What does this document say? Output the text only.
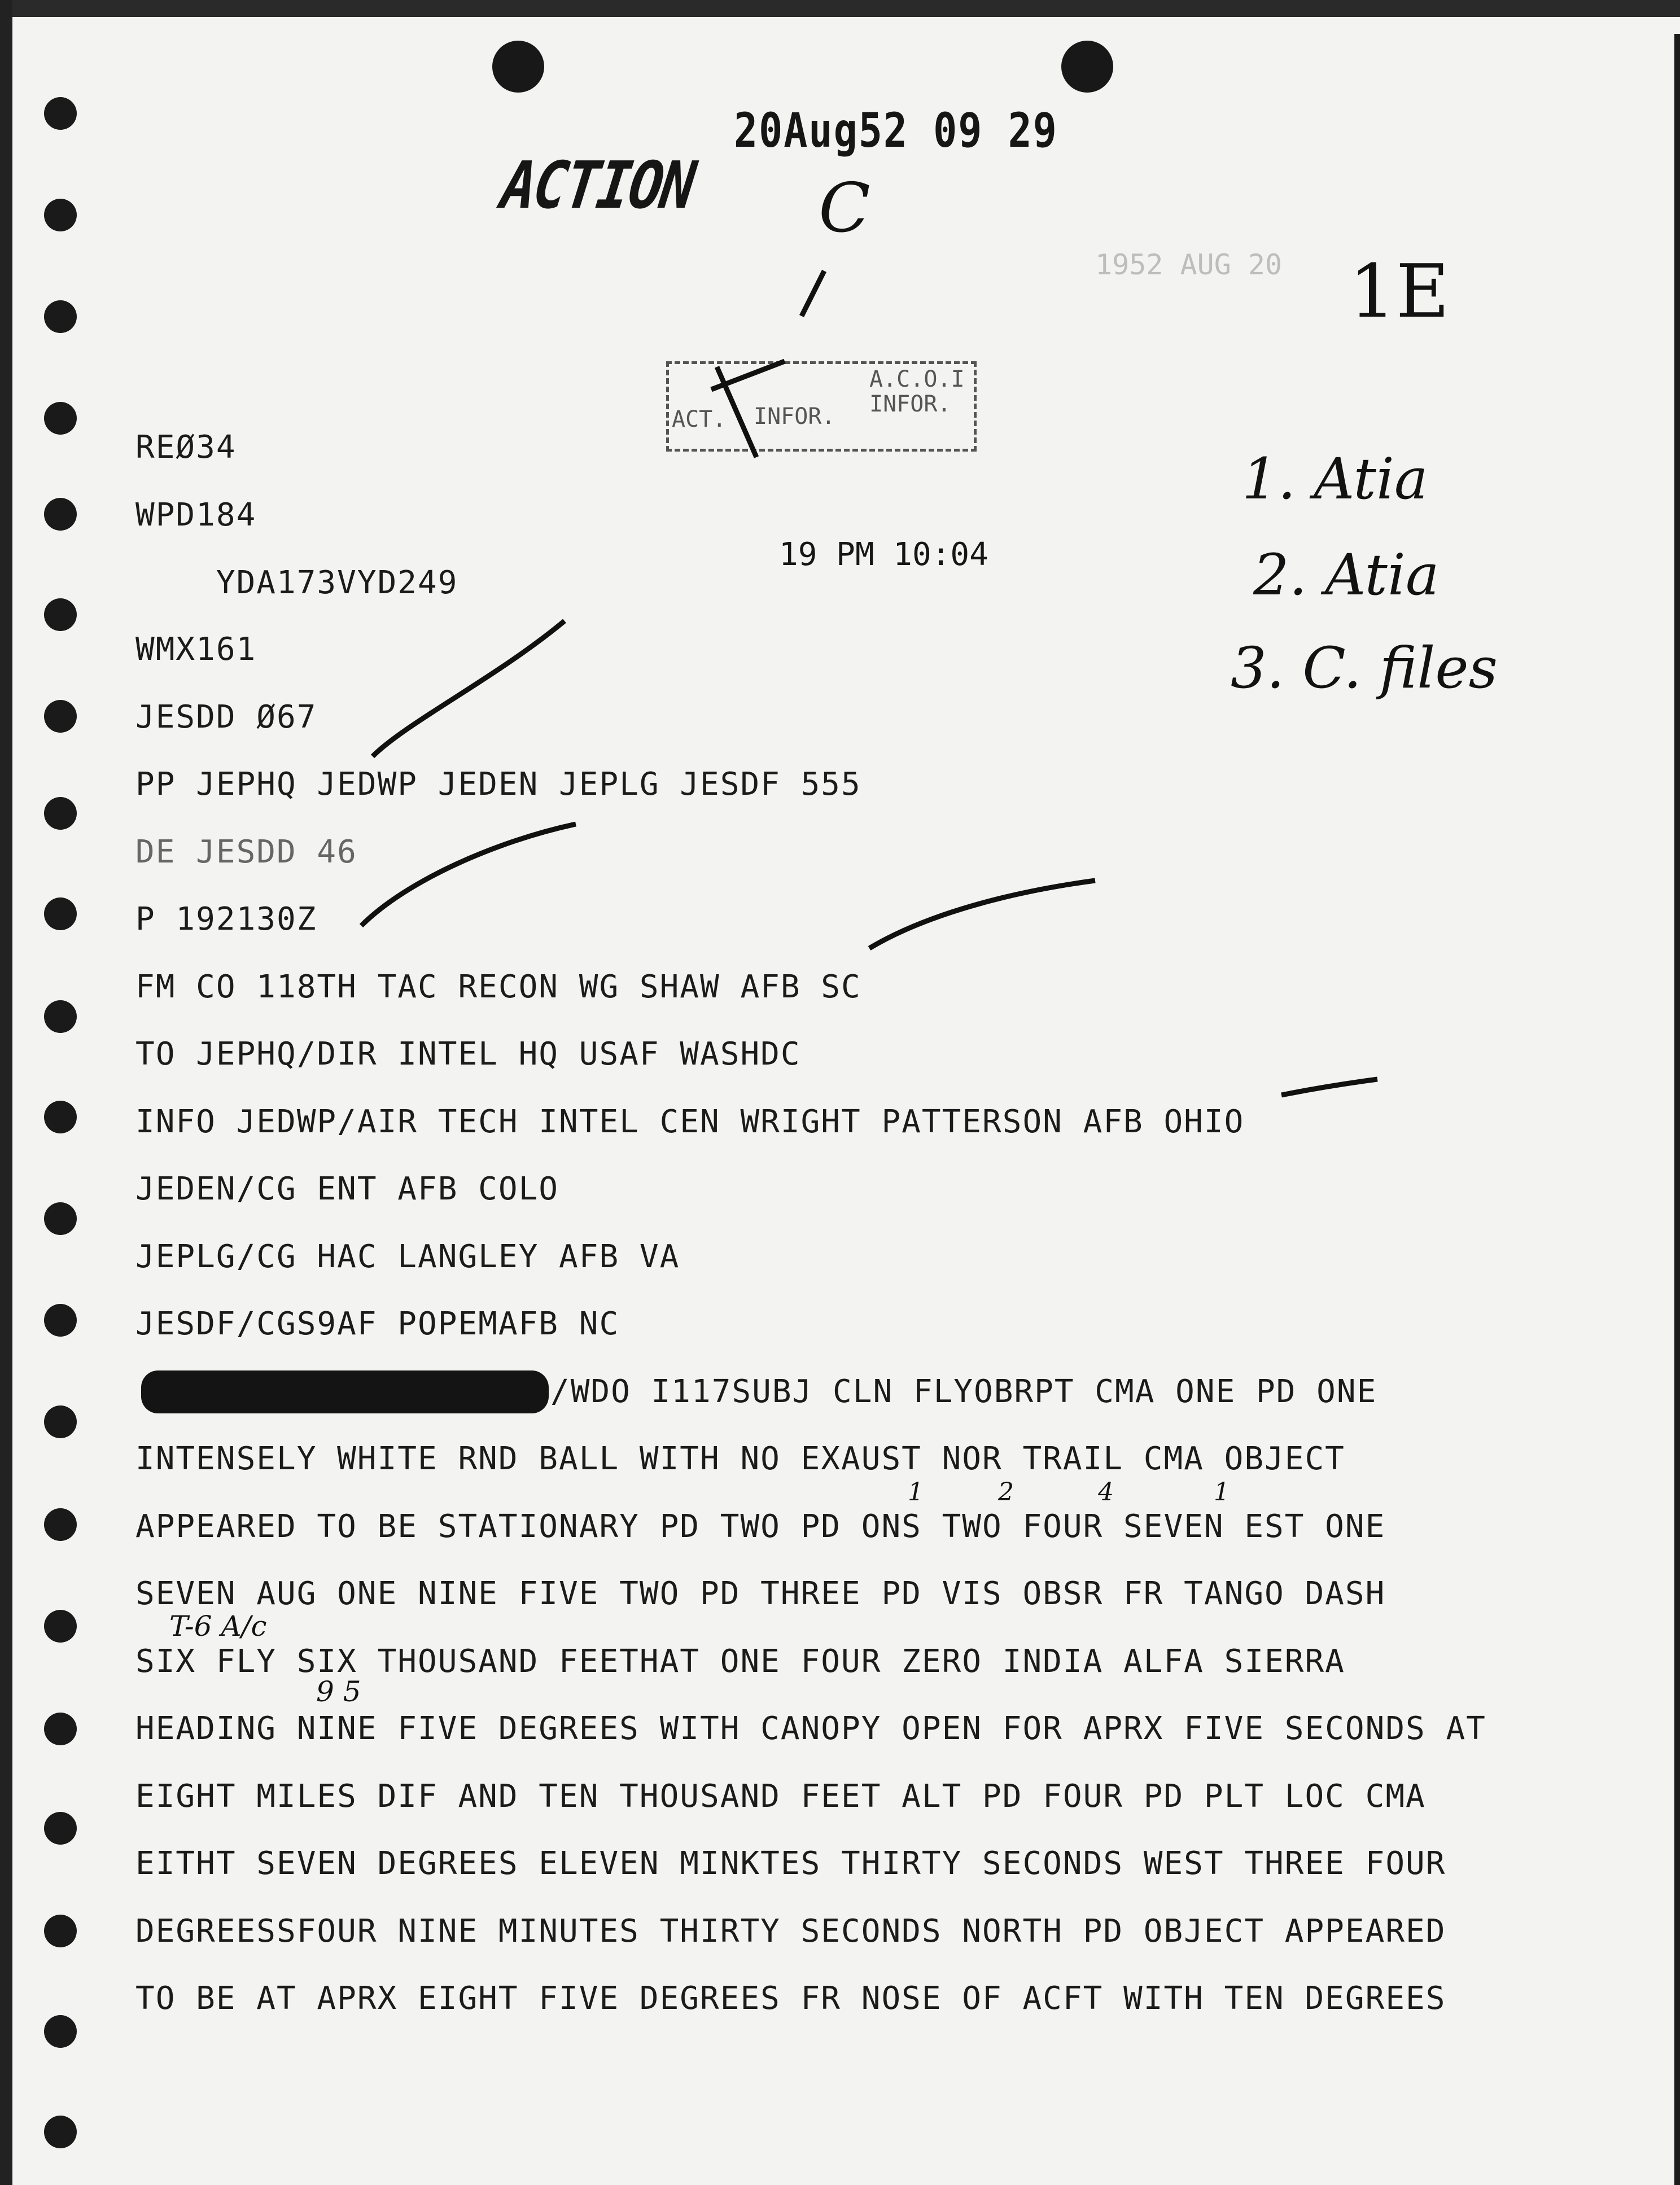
20Aug52 09 29
ACTION
1952 AUG 20
19 PM 10:04
ACT. INFOR.
A.C.O.I INFOR.
C
1E
1. Atia
2. Atia
3. C. files
1	2	4	1
T-6 A/c
9 5
REØ34
WPD184
YDA173VYD249
WMX161
JESDD Ø67
PP JEPHQ JEDWP JEDEN JEPLG JESDF 555
DE JESDD 46
P 192130Z
FM CO 118TH TAC RECON WG SHAW AFB SC
TO JEPHQ/DIR INTEL HQ USAF WASHDC
INFO JEDWP/AIR TECH INTEL CEN WRIGHT PATTERSON AFB OHIO
JEDEN/CG ENT AFB COLO
JEPLG/CG HAC LANGLEY AFB VA
JESDF/CGS9AF POPEMAFB NC
/WDO I117SUBJ CLN FLYOBRPT CMA ONE PD ONE
INTENSELY WHITE RND BALL WITH NO EXAUST NOR TRAIL CMA OBJECT
APPEARED TO BE STATIONARY PD TWO PD ONS TWO FOUR SEVEN EST ONE
SEVEN AUG ONE NINE FIVE TWO PD THREE PD VIS OBSR FR TANGO DASH
SIX FLY SIX THOUSAND FEETHAT ONE FOUR ZERO INDIA ALFA SIERRA
HEADING NINE FIVE DEGREES WITH CANOPY OPEN FOR APRX FIVE SECONDS AT
EIGHT MILES DIF AND TEN THOUSAND FEET ALT PD FOUR PD PLT LOC CMA
EITHT SEVEN DEGREES ELEVEN MINKTES THIRTY SECONDS WEST THREE FOUR
DEGREESSFOUR NINE MINUTES THIRTY SECONDS NORTH PD OBJECT APPEARED
TO BE AT APRX EIGHT FIVE DEGREES FR NOSE OF ACFT WITH TEN DEGREES
